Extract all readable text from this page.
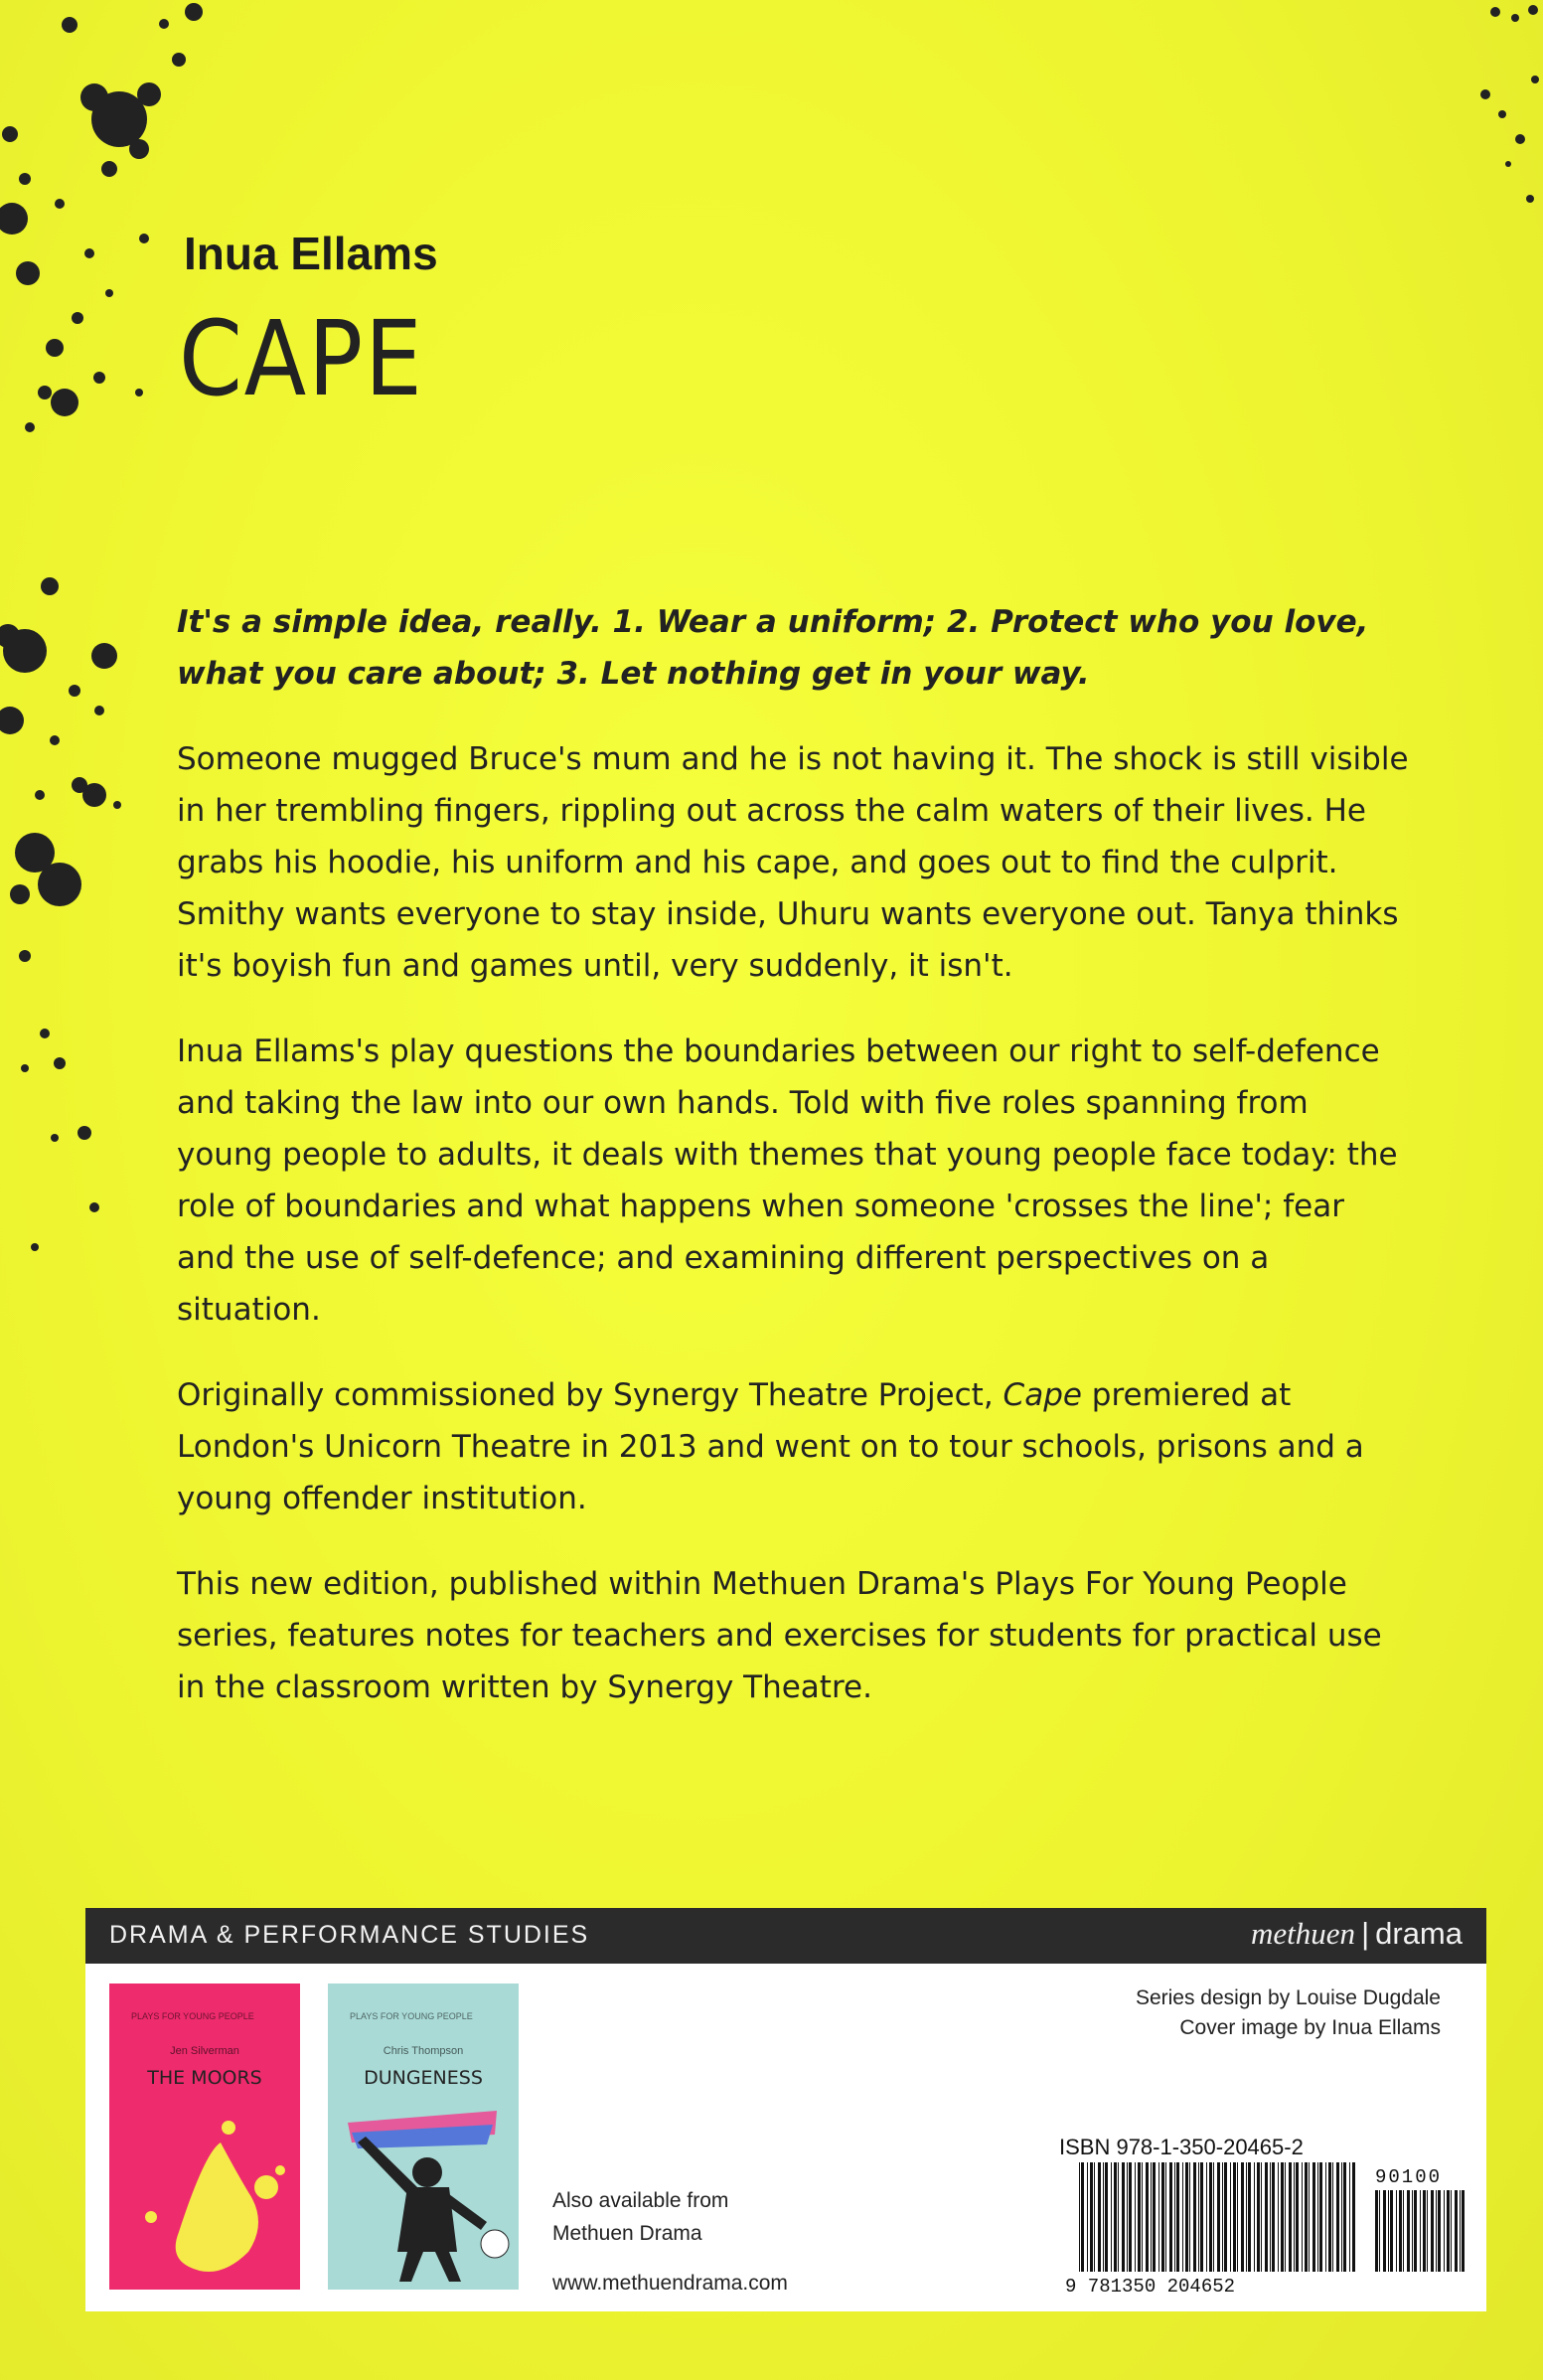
Inua Ellams
CAPE

It's a simple idea, really. 1. Wear a uniform; 2. Protect who you love, what you care about; 3. Let nothing get in your way.

Someone mugged Bruce's mum and he is not having it. The shock is still visible in her trembling fingers, rippling out across the calm waters of their lives. He grabs his hoodie, his uniform and his cape, and goes out to find the culprit. Smithy wants everyone to stay inside, Uhuru wants everyone out. Tanya thinks it's boyish fun and games until, very suddenly, it isn't.

Inua Ellams's play questions the boundaries between our right to self-defence and taking the law into our own hands. Told with five roles spanning from young people to adults, it deals with themes that young people face today: the role of boundaries and what happens when someone 'crosses the line'; fear and the use of self-defence; and examining different perspectives on a situation.

Originally commissioned by Synergy Theatre Project, Cape premiered at London's Unicorn Theatre in 2013 and went on to tour schools, prisons and a young offender institution.

This new edition, published within Methuen Drama's Plays For Young People series, features notes for teachers and exercises for students for practical use in the classroom written by Synergy Theatre.

DRAMA & PERFORMANCE STUDIES	methuen | drama
PLAYS FOR YOUNG PEOPLE
Jen Silverman
THE MOORS
PLAYS FOR YOUNG PEOPLE
Chris Thompson
DUNGENESS
Also available from
Methuen Drama
www.methuendrama.com
Series design by Louise Dugdale
Cover image by Inua Ellams
ISBN 978-1-350-20465-2
9 781350 204652
90100
